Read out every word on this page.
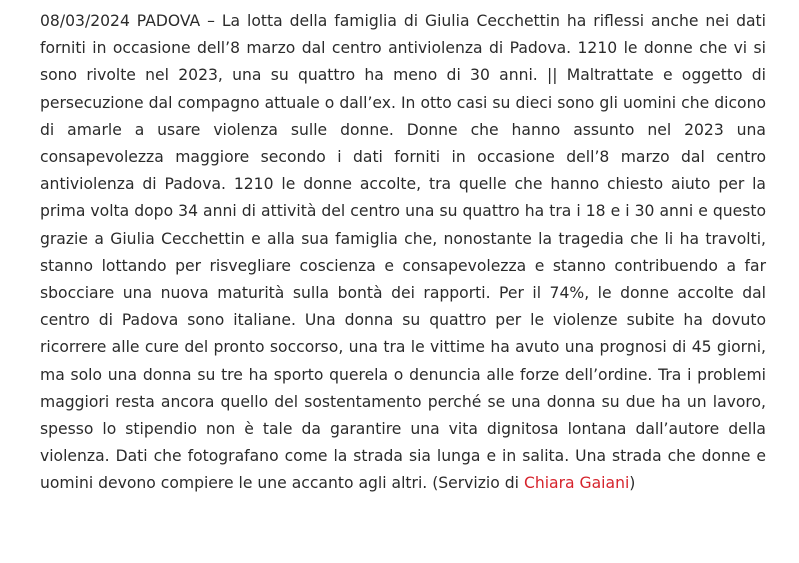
08/03/2024 PADOVA – La lotta della famiglia di Giulia Cecchettin ha riflessi anche nei dati forniti in occasione dell’8 marzo dal centro antiviolenza di Padova. 1210 le donne che vi si sono rivolte nel 2023, una su quattro ha meno di 30 anni. || Maltrattate e oggetto di persecuzione dal compagno attuale o dall’ex. In otto casi su dieci sono gli uomini che dicono di amarle a usare violenza sulle donne. Donne che hanno assunto nel 2023 una consapevolezza maggiore secondo i dati forniti in occasione dell’8 marzo dal centro antiviolenza di Padova. 1210 le donne accolte, tra quelle che hanno chiesto aiuto per la prima volta dopo 34 anni di attività del centro una su quattro ha tra i 18 e i 30 anni e questo grazie a Giulia Cecchettin e alla sua famiglia che, nonostante la tragedia che li ha travolti, stanno lottando per risvegliare coscienza e consapevolezza e stanno contribuendo a far sbocciare una nuova maturità sulla bontà dei rapporti. Per il 74%, le donne accolte dal centro di Padova sono italiane. Una donna su quattro per le violenze subite ha dovuto ricorrere alle cure del pronto soccorso, una tra le vittime ha avuto una prognosi di 45 giorni, ma solo una donna su tre ha sporto querela o denuncia alle forze dell’ordine. Tra i problemi maggiori resta ancora quello del sostentamento perché se una donna su due ha un lavoro, spesso lo stipendio non è tale da garantire una vita dignitosa lontana dall’autore della violenza. Dati che fotografano come la strada sia lunga e in salita. Una strada che donne e uomini devono compiere le une accanto agli altri. (Servizio di Chiara Gaiani)
